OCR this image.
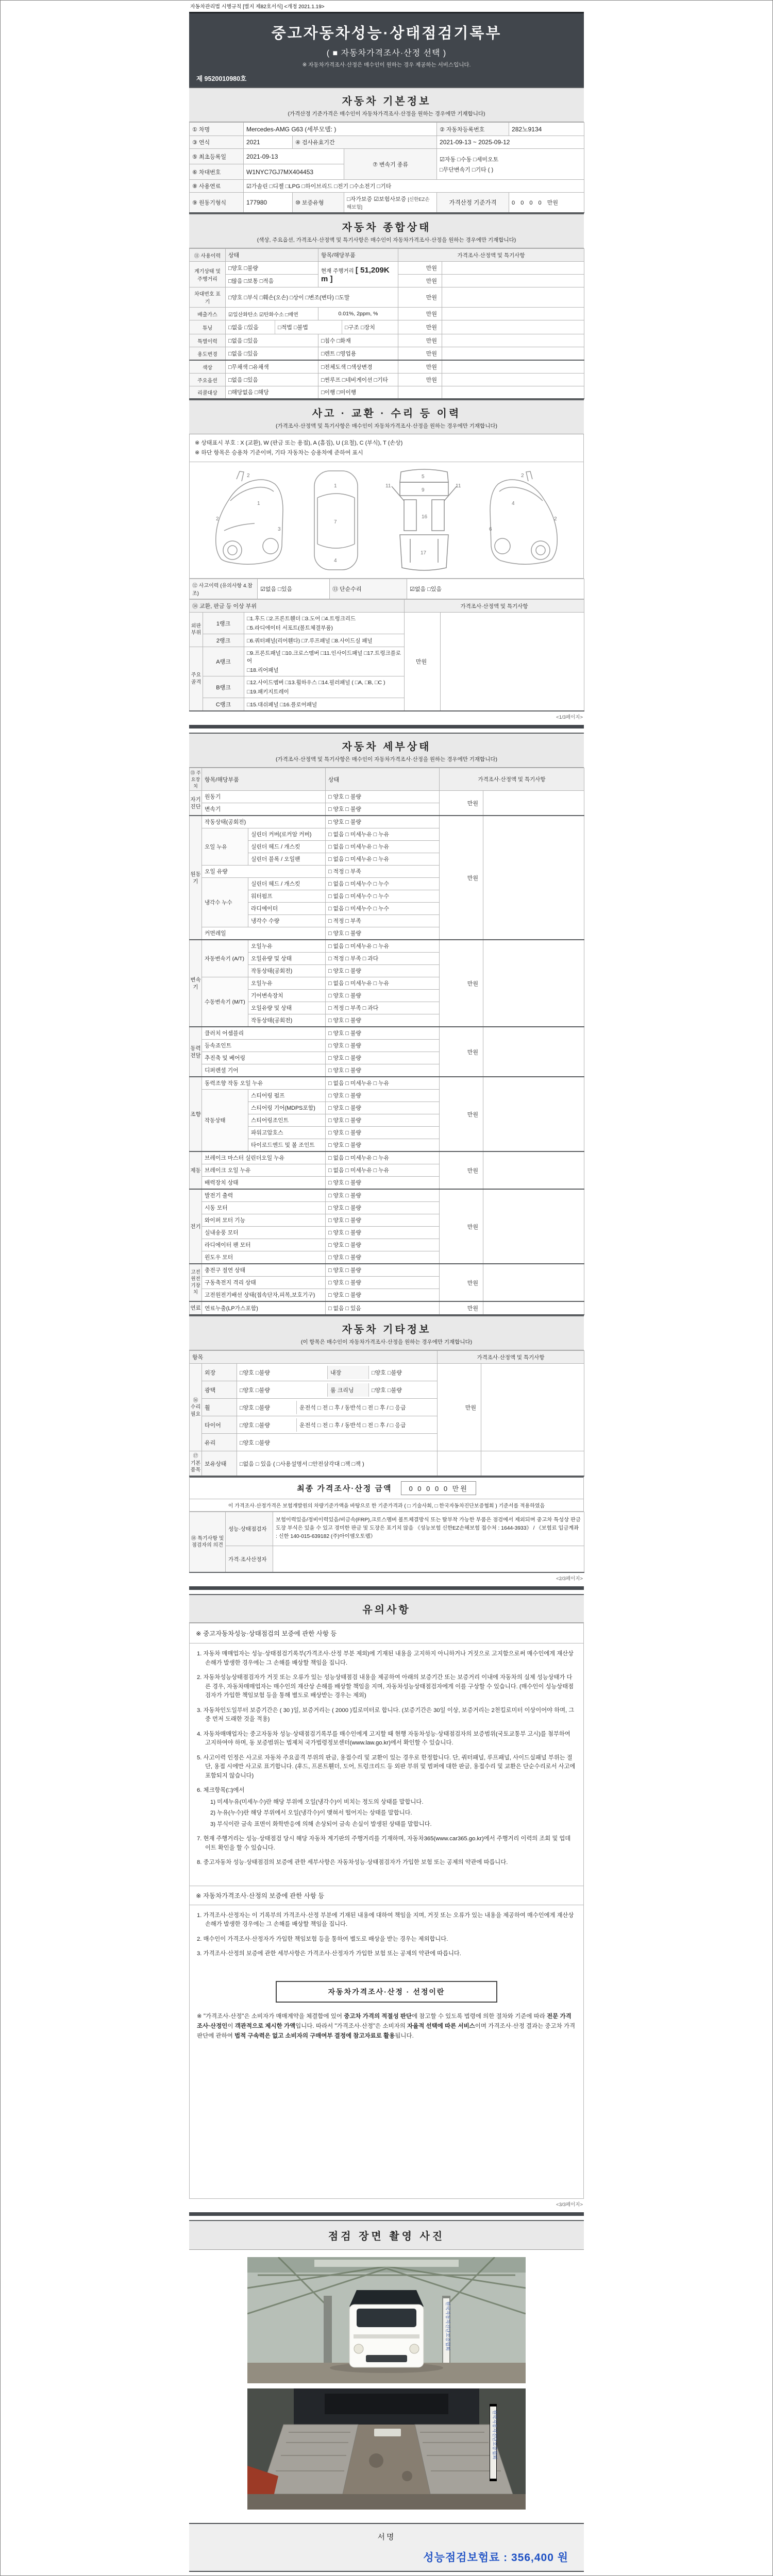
자동차관리법 시행규칙 [별지 제82호서식] <개정 2021.1.19>
중고자동차성능·상태점검기록부
( ■ 자동차가격조사·산정 선택 )
※ 자동차가격조사·산정은 매수인이 원하는 경우 제공하는 서비스입니다.
제 9520010980호
자동차 기본정보
(가격산정 기준가격은 매수인이 자동차가격조사·산정을 원하는 경우에만 기재합니다)
① 차명	Mercedes-AMG G63 (세부모델: )			② 자동차등록번호	282노9134
③ 연식	2021	④ 검사유효기간		2021-09-13 ~ 2025-09-12	
⑤ 최초등록일	2021-09-13		⑦ 변속기 종류	☑자동 □수동 □세미오토
□무단변속기 □기타 ( )	

⑥ 차대번호	W1NYC7GJ7MX404453				
⑧ 사용연료	☑가솔린 □디젤 □LPG □하이브리드 □전기 □수소전기 □기타				
⑨ 원동기형식	177980	⑩ 보증유형	□자가보증 ☑보험사보증 [신한EZ손해보험]	가격산정 기준가격	0 0 0 0 만원
자동차 종합상태
(색상, 주요옵션, 가격조사·산정액 및 특기사항은 매수인이 자동차가격조사·산정을 원하는 경우에만 기재합니다)
⑪ 사용이력	상태	항목/해당부품	가격조사·산정액 및 특기사항	
계기상태 및 주행거리	□양호 □불량	현재 주행거리 [ 51,209Km ]	만원	
	□많음 □보통 □적음		만원	
차대번호 표기	□양호 □부식 □훼손(오손) □상이 □변조(변타) □도말		만원	
배출가스	☑일산화탄소 ☑탄화수소 □매연	0.01%, 2ppm, %	만원	
튜닝	□없음 □있음 □적법 □불법 □구조 □장치		만원	
특별이력	□없음 □있음	□침수 □화재	만원	
용도변경	□없음 □있음	□렌트 □영업용	만원	
색상	□무채색 □유채색	□전체도색 □색상변경	만원	
주요옵션	□없음 □있음	□썬루프 □네비게이션 □기타	만원	
리콜대상	□해당없음 □해당	□이행 □미이행		
사고 · 교환 · 수리 등 이력
(가격조사·산정액 및 특기사항은 매수인이 자동차가격조사·산정을 원하는 경우에만 기재합니다)
※ 상태표시 부호 : X (교환), W (판금 또는 용접), A (흠집), U (요철), C (부식), T (손상)
※ 하단 항목은 승용차 기준이며, 기타 자동차는 승용차에 준하여 표시
2
2
1
3
1
7
4
11	11
9
16
17
5	2
2
4
6
⑫ 사고이력 (유의사항 4.참조)	☑없음 □있음	⑬ 단순수리	☑없음 □있음
⑭ 교환, 판금 등 이상 부위			가격조사·산정액 및 특기사항	
외판부위	1랭크	□1.후드 □2.프론트휀더 □3.도어 □4.트렁크리드
□5.라디에이터 서포트(볼트체결부품)	만원	
	2랭크	□6.쿼터패널(리어휀다) □7.루프패널 □8.사이드실 패널		
주요골격	A랭크	□9.프론트패널 □10.크로스멤버 □11.인사이드패널 □17.트렁크플로어
□18.리어패널		

	B랭크	□12.사이드멤버 □13.휠하우스 □14.필러패널 ( □A, □B, □C )
□19.패키지트레이		

	C랭크	□15.대쉬패널 □16.플로어패널		
<1/3페이지>
자동차 세부상태
(가격조사·산정액 및 특기사항은 매수인이 자동차가격조사·산정을 원하는 경우에만 기재합니다)
⑮ 주요장치	항목/해당부품		상태	가격조사·산정액 및 특기사항	
자기진단	원동기		□ 양호 □ 불량	만원	
	변속기		□ 양호 □ 불량		
원동기	작동상태(공회전)		□ 양호 □ 불량	만원	
	오일 누유	실린더 커버(로커암 커버)	□ 없음 □ 미세누유 □ 누유		
		실린더 헤드 / 개스킷	□ 없음 □ 미세누유 □ 누유		
		실린더 블록 / 오일팬	□ 없음 □ 미세누유 □ 누유		
	오일 유량		□ 적정 □ 부족		
	냉각수 누수	실린더 헤드 / 개스킷	□ 없음 □ 미세누수 □ 누수		
		워터펌프	□ 없음 □ 미세누수 □ 누수		
		라디에이터	□ 없음 □ 미세누수 □ 누수		
		냉각수 수량	□ 적정 □ 부족		
	커먼레일		□ 양호 □ 불량		
변속기	자동변속기 (A/T)	오일누유	□ 없음 □ 미세누유 □ 누유	만원	
		오일유량 및 상태	□ 적정 □ 부족 □ 과다		
		작동상태(공회전)	□ 양호 □ 불량		
	수동변속기 (M/T)	오일누유	□ 없음 □ 미세누유 □ 누유		
		기어변속장치	□ 양호 □ 불량		
		오일유량 및 상태	□ 적정 □ 부족 □ 과다		
		작동상태(공회전)	□ 양호 □ 불량		
동력전달	클러치 어셈블리		□ 양호 □ 불량	만원	
	등속죠인트		□ 양호 □ 불량		
	추진축 및 베어링		□ 양호 □ 불량		
	디퍼렌셜 기어		□ 양호 □ 불량		
조향	동력조향 작동 오일 누유		□ 없음 □ 미세누유 □ 누유	만원	
	작동상태	스티어링 펌프	□ 양호 □ 불량		
		스티어링 기어(MDPS포함)	□ 양호 □ 불량		
		스티어링조인트	□ 양호 □ 불량		
		파워고압호스	□ 양호 □ 불량		
		타이로드엔드 및 볼 조인트	□ 양호 □ 불량		
제동	브레이크 마스터 실린더오일 누유		□ 없음 □ 미세누유 □ 누유	만원	
	브레이크 오일 누유		□ 없음 □ 미세누유 □ 누유		
	배력장치 상태		□ 양호 □ 불량		
전기	발전기 출력		□ 양호 □ 불량	만원	
	시동 모터		□ 양호 □ 불량		
	와이퍼 모터 기능		□ 양호 □ 불량		
	실내송풍 모터		□ 양호 □ 불량		
	라디에이터 팬 모터		□ 양호 □ 불량		
	윈도우 모터		□ 양호 □ 불량		
고전원전기장치	충전구 절연 상태		□ 양호 □ 불량	만원	
	구동축전지 격리 상태		□ 양호 □ 불량		
	고전원전기배선 상태(접속단자,피복,보호기구)		□ 양호 □ 불량		
연료	연료누출(LP가스포함)		□ 없음 □ 있음	만원	
자동차 기타정보
(이 항목은 매수인이 자동차가격조사·산정을 원하는 경우에만 기재합니다)
항목			가격조사·산정액 및 특기사항	
⑯ 수리필요	외장	□양호 □불량 내장 □양호 □불량	만원	
	광택	□양호 □불량 룸 크리닝 □양호 □불량		

	휠	□양호 □불량 운전석 □ 전 □ 후 / 동반석 □ 전 □ 후 / □ 응급		

	타이어	□양호 □불량 운전석 □ 전 □ 후 / 동반석 □ 전 □ 후 / □ 응급		

	유리	□양호 □불량		
⑰ 기본품목	보유상태	□없음 □ 있음 ( □사용설명서 □안전삼각대 □잭 □잭 )		
최종 가격조사·산정 금액	0 0 0 0 0 만원
이 가격조사·산정가격은 보험개발원의 차량기준가액을 바탕으로 한 기준가격과 ( □ 기술사회, □ 한국자동차진단보증협회 ) 기준서를 적용하였음
⑱ 특기사항 및 점검자의 의견	성능·상태점검자	보험이력있음/정비이력있음/비금속(FRP),크로스멤버 볼트체결방식 또는 탈부착 가능한 부품은 점검에서 제외되며 중고차 특성상 판금 도장 부식은 있을 수 있고 경미한 판금 및 도장은 표기치 않음 《성능보험 신한EZ손해보험 접수처 : 1644-3933》 / 《보험료 입금계좌 : 신한 140-015-639182 (주)아이엠오토랩》
	가격·조사산정자	
<2/3페이지>
유의사항
※ 중고자동차성능·상태점검의 보증에 관한 사항 등
1. 자동차 매매업자는 성능·상태점검기록부(가격조사·산정 부분 제외)에 기재된 내용을 고지하지 아니하거나 거짓으로 고지함으로써 매수인에게 재산상 손해가 발생한 경우에는 그 손해를 배상할 책임을 집니다.
2. 자동차성능상태점검자가 거짓 또는 오류가 있는 성능상태점검 내용을 제공하여 아래의 보증기간 또는 보증거리 이내에 자동차의 실제 성능상태가 다른 경우, 자동차매매업자는 매수인의 재산상 손해를 배상할 책임을 지며, 자동차성능상태점검자에게 이를 구상할 수 있습니다. (매수인이 성능상태점검자가 가입한 책임보험 등을 통해 별도로 배상받는 경우는 제외)
3. 자동차인도일부터 보증기간은 ( 30 )일, 보증거리는 ( 2000 )킬로미터로 합니다. (보증기간은 30일 이상, 보증거리는 2천킬로미터 이상이어야 하며, 그 중 먼저 도래한 것을 적용)
4. 자동차매매업자는 중고자동차 성능·상태점검기록부를 매수인에게 고지할 때 현행 자동차성능·상태점검자의 보증범위(국토교통부 고시)를 첨부하여 고지하여야 하며, 동 보증범위는 법제처 국가법령정보센터(www.law.go.kr)에서 확인할 수 있습니다.
5. 사고이력 인정은 사고로 자동차 주요골격 부위의 판금, 용접수리 및 교환이 있는 경우로 한정합니다. 단, 쿼터패널, 루프패널, 사이드실패널 부위는 절단, 용접 시에만 사고로 표기합니다. (후드, 프론트휀더, 도어, 트렁크리드 등 외판 부위 및 범퍼에 대한 판금, 용접수리 및 교환은 단순수리로서 사고에 포함되지 않습니다)
6. 체크항목(□)에서
1) 미세누유(미세누수)란 해당 부위에 오일(냉각수)이 비치는 정도의 상태를 말합니다.
2) 누유(누수)란 해당 부위에서 오일(냉각수)이 맺혀서 떨어지는 상태를 말합니다.
3) 부식이란 금속 표면이 화학반응에 의해 손상되어 금속 손실이 발생된 상태를 말합니다.
7. 현재 주행거리는 성능·상태점검 당시 해당 자동차 계기판의 주행거리를 기재하며, 자동차365(www.car365.go.kr)에서 주행거리 이력의 조회 및 업데이트 확인을 할 수 있습니다.
8. 중고자동차 성능·상태점검의 보증에 관한 세부사항은 자동차성능·상태점검자가 가입한 보험 또는 공제의 약관에 따릅니다.
※ 자동차가격조사·산정의 보증에 관한 사항 등
1. 가격조사·산정자는 이 기록부의 가격조사·산정 부분에 기재된 내용에 대하여 책임을 지며, 거짓 또는 오류가 있는 내용을 제공하여 매수인에게 재산상 손해가 발생한 경우에는 그 손해를 배상할 책임을 집니다.
2. 매수인이 가격조사·산정자가 가입한 책임보험 등을 통하여 별도로 배상을 받는 경우는 제외합니다.
3. 가격조사·산정의 보증에 관한 세부사항은 가격조사·산정자가 가입한 보험 또는 공제의 약관에 따릅니다.
자동차가격조사·산정 · 선정이란
※ "가격조사·산정"은 소비자가 매매계약을 체결함에 있어 중고차 가격의 적절성 판단에 참고할 수 있도록 법령에 의한 절차와 기준에 따라 전문 가격조사·산정인이 객관적으로 제시한 가액입니다. 따라서 "가격조사·산정"은 소비자의 자율적 선택에 따른 서비스이며 가격조사·산정 결과는 중고차 가격판단에 관하여 법적 구속력은 없고 소비자의 구매여부 결정에 참고자료로 활용됩니다.
<3/3페이지>
점검 장면 촬영 사진
한국자동차진단보증협회
한국자동차진단보증협회
서명
성능점검보험료 : 356,400 원
